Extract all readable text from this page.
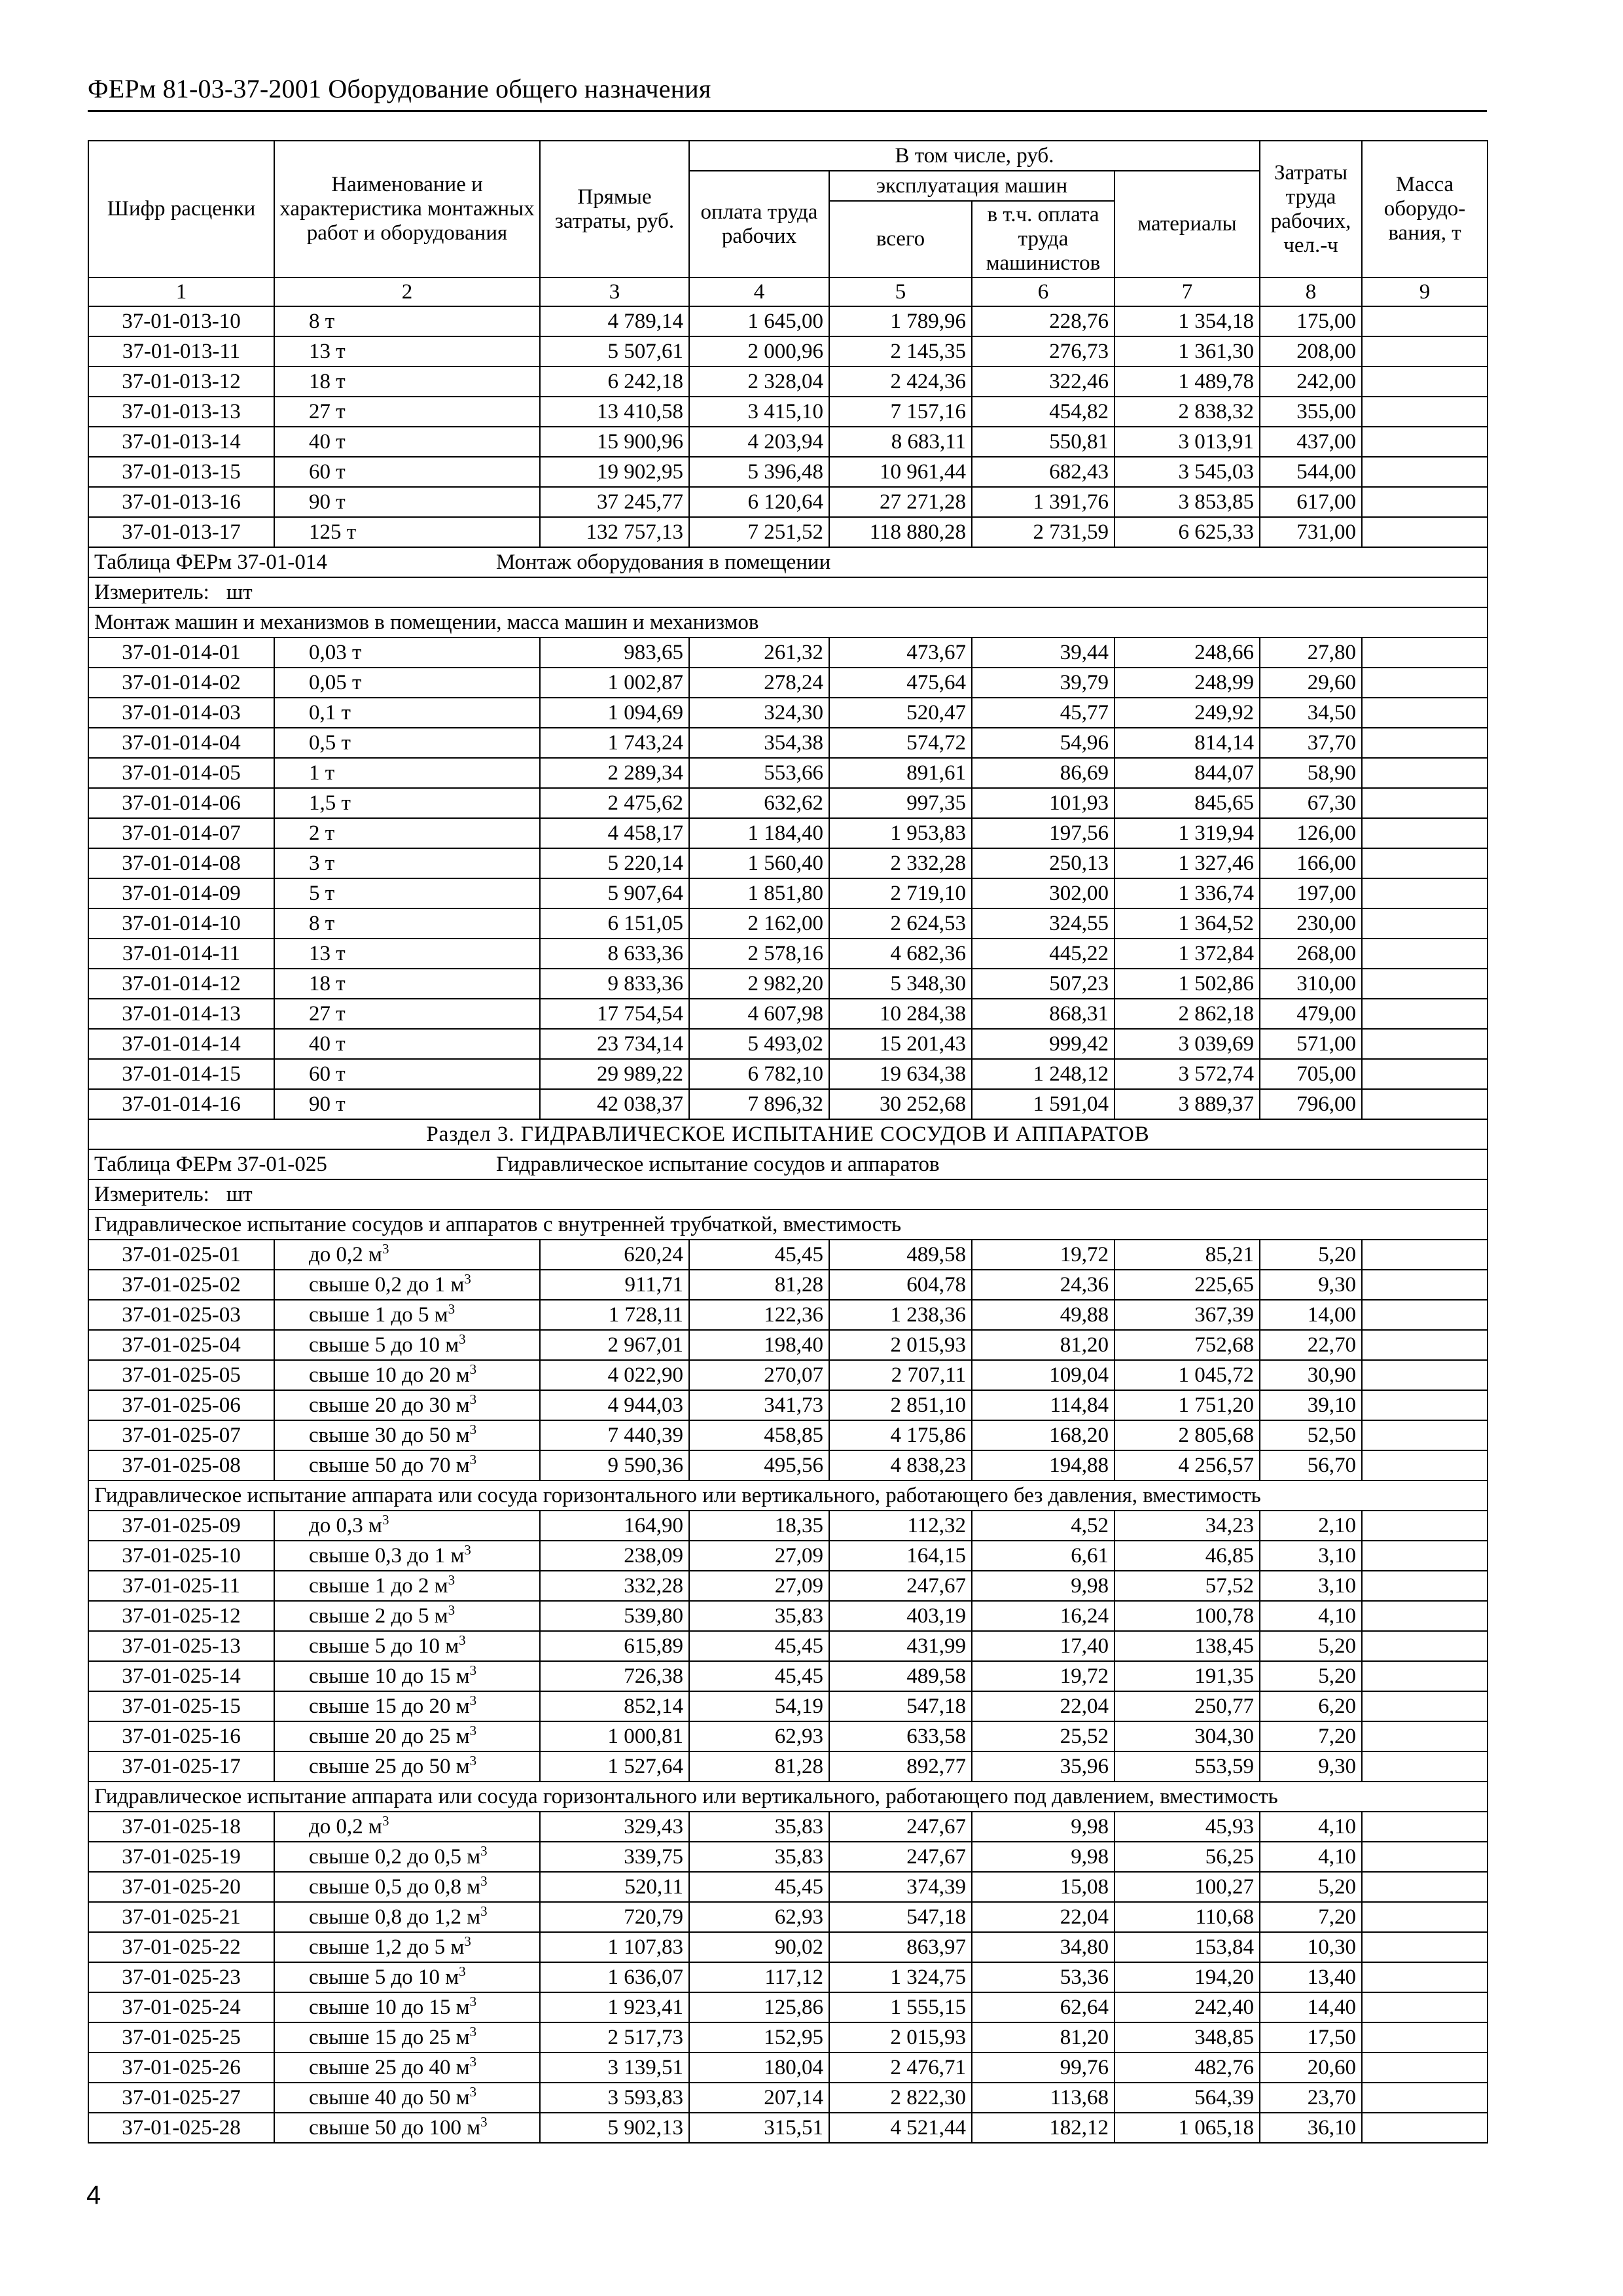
ФЕРм 81-03-37-2001 Оборудование общего назначения
Шифр расценки	Наименование и характеристика монтажных работ и оборудования	Прямые затраты, руб.	В том числе, руб.				Затраты труда рабочих, чел.-ч	Масса оборудо-вания, т
			оплата труда рабочих	эксплуатация машин		материалы		
				всего	в т.ч. оплата труда машинистов			
1	2	3	4	5	6	7	8	9
37-01-013-10	8 т	4 789,14	1 645,00	1 789,96	228,76	1 354,18	175,00	
37-01-013-11	13 т	5 507,61	2 000,96	2 145,35	276,73	1 361,30	208,00	
37-01-013-12	18 т	6 242,18	2 328,04	2 424,36	322,46	1 489,78	242,00	
37-01-013-13	27 т	13 410,58	3 415,10	7 157,16	454,82	2 838,32	355,00	
37-01-013-14	40 т	15 900,96	4 203,94	8 683,11	550,81	3 013,91	437,00	
37-01-013-15	60 т	19 902,95	5 396,48	10 961,44	682,43	3 545,03	544,00	
37-01-013-16	90 т	37 245,77	6 120,64	27 271,28	1 391,76	3 853,85	617,00	
37-01-013-17	125 т	132 757,13	7 251,52	118 880,28	2 731,59	6 625,33	731,00	
Таблица ФЕРм 37-01-014 Монтаж оборудования в помещении								
Измеритель: шт								
Монтаж машин и механизмов в помещении, масса машин и механизмов								
37-01-014-01	0,03 т	983,65	261,32	473,67	39,44	248,66	27,80	
37-01-014-02	0,05 т	1 002,87	278,24	475,64	39,79	248,99	29,60	
37-01-014-03	0,1 т	1 094,69	324,30	520,47	45,77	249,92	34,50	
37-01-014-04	0,5 т	1 743,24	354,38	574,72	54,96	814,14	37,70	
37-01-014-05	1 т	2 289,34	553,66	891,61	86,69	844,07	58,90	
37-01-014-06	1,5 т	2 475,62	632,62	997,35	101,93	845,65	67,30	
37-01-014-07	2 т	4 458,17	1 184,40	1 953,83	197,56	1 319,94	126,00	
37-01-014-08	3 т	5 220,14	1 560,40	2 332,28	250,13	1 327,46	166,00	
37-01-014-09	5 т	5 907,64	1 851,80	2 719,10	302,00	1 336,74	197,00	
37-01-014-10	8 т	6 151,05	2 162,00	2 624,53	324,55	1 364,52	230,00	
37-01-014-11	13 т	8 633,36	2 578,16	4 682,36	445,22	1 372,84	268,00	
37-01-014-12	18 т	9 833,36	2 982,20	5 348,30	507,23	1 502,86	310,00	
37-01-014-13	27 т	17 754,54	4 607,98	10 284,38	868,31	2 862,18	479,00	
37-01-014-14	40 т	23 734,14	5 493,02	15 201,43	999,42	3 039,69	571,00	
37-01-014-15	60 т	29 989,22	6 782,10	19 634,38	1 248,12	3 572,74	705,00	
37-01-014-16	90 т	42 038,37	7 896,32	30 252,68	1 591,04	3 889,37	796,00	
Раздел 3. ГИДРАВЛИЧЕСКОЕ ИСПЫТАНИЕ СОСУДОВ И АППАРАТОВ								
Таблица ФЕРм 37-01-025 Гидравлическое испытание сосудов и аппаратов								
Измеритель: шт								
Гидравлическое испытание сосудов и аппаратов с внутренней трубчаткой, вместимость								
37-01-025-01	до 0,2 $м^3$	620,24	45,45	489,58	19,72	85,21	5,20	
37-01-025-02	свыше 0,2 до 1 $м^3$	911,71	81,28	604,78	24,36	225,65	9,30	
37-01-025-03	свыше 1 до 5 $м^3$	1 728,11	122,36	1 238,36	49,88	367,39	14,00	
37-01-025-04	свыше 5 до 10 $м^3$	2 967,01	198,40	2 015,93	81,20	752,68	22,70	
37-01-025-05	свыше 10 до 20 $м^3$	4 022,90	270,07	2 707,11	109,04	1 045,72	30,90	
37-01-025-06	свыше 20 до 30 $м^3$	4 944,03	341,73	2 851,10	114,84	1 751,20	39,10	
37-01-025-07	свыше 30 до 50 $м^3$	7 440,39	458,85	4 175,86	168,20	2 805,68	52,50	
37-01-025-08	свыше 50 до 70 $м^3$	9 590,36	495,56	4 838,23	194,88	4 256,57	56,70	
Гидравлическое испытание аппарата или сосуда горизонтального или вертикального, работающего без давления, вместимость								
37-01-025-09	до 0,3 $м^3$	164,90	18,35	112,32	4,52	34,23	2,10	
37-01-025-10	свыше 0,3 до 1 $м^3$	238,09	27,09	164,15	6,61	46,85	3,10	
37-01-025-11	свыше 1 до 2 $м^3$	332,28	27,09	247,67	9,98	57,52	3,10	
37-01-025-12	свыше 2 до 5 $м^3$	539,80	35,83	403,19	16,24	100,78	4,10	
37-01-025-13	свыше 5 до 10 $м^3$	615,89	45,45	431,99	17,40	138,45	5,20	
37-01-025-14	свыше 10 до 15 $м^3$	726,38	45,45	489,58	19,72	191,35	5,20	
37-01-025-15	свыше 15 до 20 $м^3$	852,14	54,19	547,18	22,04	250,77	6,20	
37-01-025-16	свыше 20 до 25 $м^3$	1 000,81	62,93	633,58	25,52	304,30	7,20	
37-01-025-17	свыше 25 до 50 $м^3$	1 527,64	81,28	892,77	35,96	553,59	9,30	
Гидравлическое испытание аппарата или сосуда горизонтального или вертикального, работающего под давлением, вместимость								
37-01-025-18	до 0,2 $м^3$	329,43	35,83	247,67	9,98	45,93	4,10	
37-01-025-19	свыше 0,2 до 0,5 $м^3$	339,75	35,83	247,67	9,98	56,25	4,10	
37-01-025-20	свыше 0,5 до 0,8 $м^3$	520,11	45,45	374,39	15,08	100,27	5,20	
37-01-025-21	свыше 0,8 до 1,2 $м^3$	720,79	62,93	547,18	22,04	110,68	7,20	
37-01-025-22	свыше 1,2 до 5 $м^3$	1 107,83	90,02	863,97	34,80	153,84	10,30	
37-01-025-23	свыше 5 до 10 $м^3$	1 636,07	117,12	1 324,75	53,36	194,20	13,40	
37-01-025-24	свыше 10 до 15 $м^3$	1 923,41	125,86	1 555,15	62,64	242,40	14,40	
37-01-025-25	свыше 15 до 25 $м^3$	2 517,73	152,95	2 015,93	81,20	348,85	17,50	
37-01-025-26	свыше 25 до 40 $м^3$	3 139,51	180,04	2 476,71	99,76	482,76	20,60	
37-01-025-27	свыше 40 до 50 $м^3$	3 593,83	207,14	2 822,30	113,68	564,39	23,70	
37-01-025-28	свыше 50 до 100 $м^3$	5 902,13	315,51	4 521,44	182,12	1 065,18	36,10	
4
